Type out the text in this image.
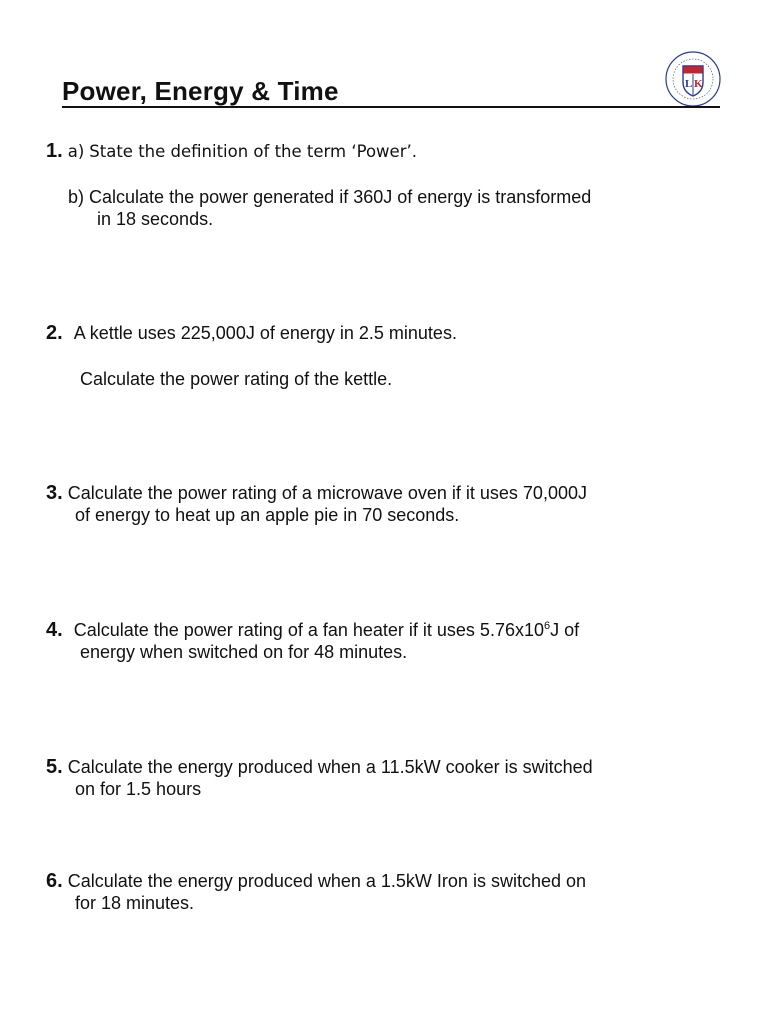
L K
Power, Energy & Time
1. a) State the definition of the term ‘Power’.
b) Calculate the power generated if 360J of energy is transformed
in 18 seconds.
2. A kettle uses 225,000J of energy in 2.5 minutes.
Calculate the power rating of the kettle.
3. Calculate the power rating of a microwave oven if it uses 70,000J
of energy to heat up an apple pie in 70 seconds.
4. Calculate the power rating of a fan heater if it uses $5.76x10^6J$ of
energy when switched on for 48 minutes.
5. Calculate the energy produced when a 11.5kW cooker is switched
on for 1.5 hours
6. Calculate the energy produced when a 1.5kW Iron is switched on
for 18 minutes.
